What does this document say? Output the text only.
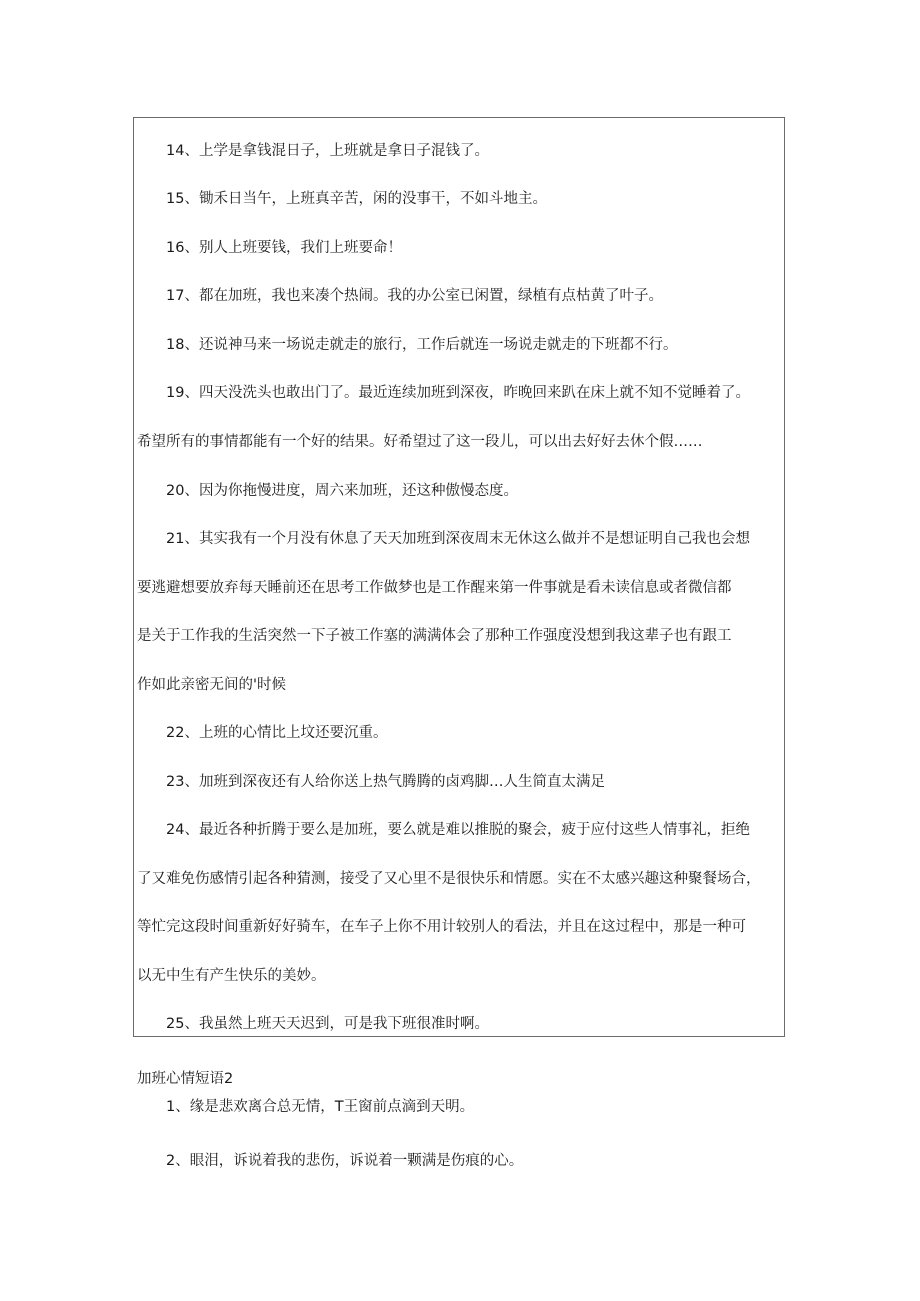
14、上学是拿钱混日子，上班就是拿日子混钱了。
15、锄禾日当午，上班真辛苦，闲的没事干，不如斗地主。
16、别人上班要钱，我们上班要命！
17、都在加班，我也来凑个热闹。我的办公室已闲置，绿植有点枯黄了叶子。
18、还说神马来一场说走就走的旅行，工作后就连一场说走就走的下班都不行。
19、四天没洗头也敢出门了。最近连续加班到深夜，昨晚回来趴在床上就不知不觉睡着了。
希望所有的事情都能有一个好的结果。好希望过了这一段儿，可以出去好好去休个假……
20、因为你拖慢进度，周六来加班，还这种傲慢态度。
21、其实我有一个月没有休息了天天加班到深夜周末无休这么做并不是想证明自己我也会想
要逃避想要放弃每天睡前还在思考工作做梦也是工作醒来第一件事就是看未读信息或者微信都
是关于工作我的生活突然一下子被工作塞的满满体会了那种工作强度没想到我这辈子也有跟工
作如此亲密无间的'时候
22、上班的心情比上坟还要沉重。
23、加班到深夜还有人给你送上热气腾腾的卤鸡脚…人生简直太满足
24、最近各种折腾于要么是加班，要么就是难以推脱的聚会，疲于应付这些人情事礼，拒绝
了又难免伤感情引起各种猜测，接受了又心里不是很快乐和情愿。实在不太感兴趣这种聚餐场合，
等忙完这段时间重新好好骑车，在车子上你不用计较别人的看法，并且在这过程中，那是一种可
以无中生有产生快乐的美妙。
25、我虽然上班天天迟到，可是我下班很准时啊。
加班心情短语2
1、缘是悲欢离合总无情，T王窗前点滴到天明。
2、眼泪，诉说着我的悲伤，诉说着一颗满是伤痕的心。
